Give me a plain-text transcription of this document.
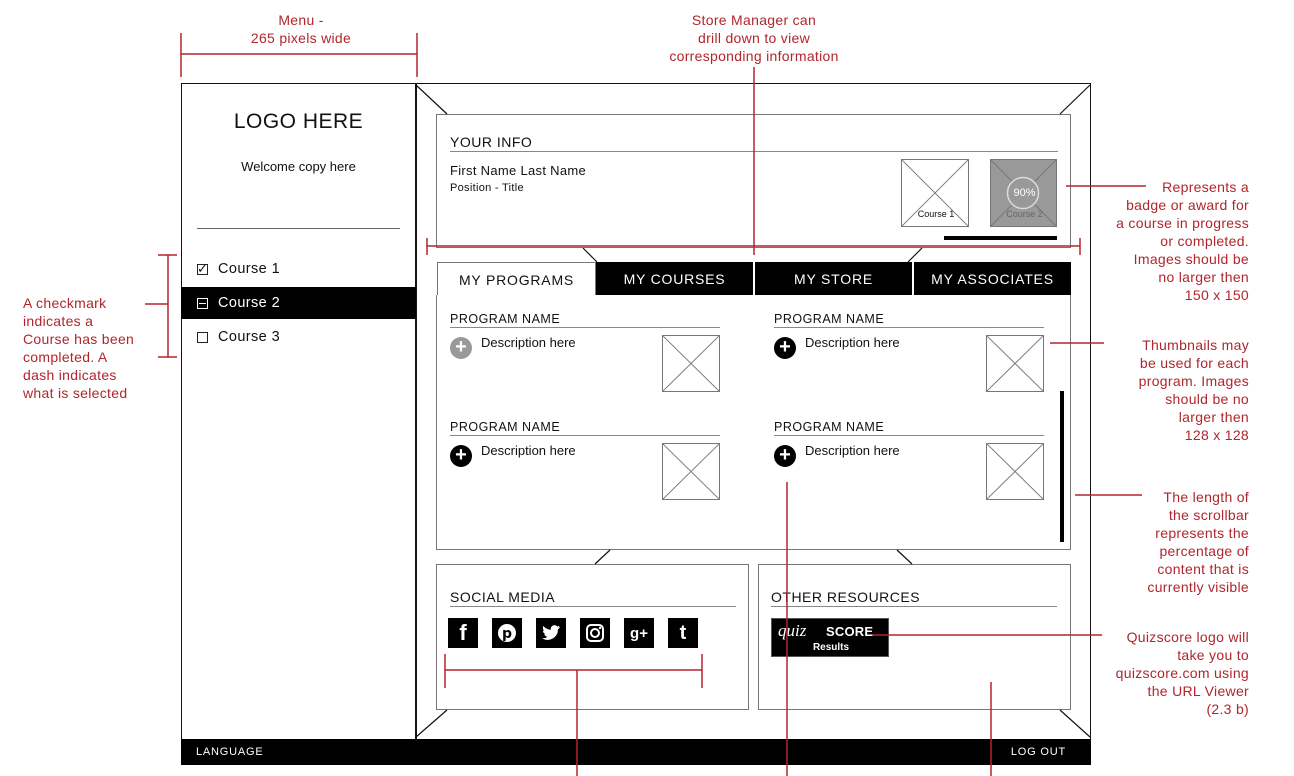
Menu -
265 pixels wide
Store Manager can
drill down to view
corresponding information
A checkmark
indicates a
Course has been
completed. A
dash indicates
what is selected
Represents a
badge or award for
a course in progress
or completed.
Images should be
no larger then
150 x 150
Thumbnails may
be used for each
program. Images
should be no
larger then
128 x 128
The length of
the scrollbar
represents the
percentage of
content that is
currently visible
Quizscore logo will
take you to
quizscore.com using
the URL Viewer
(2.3 b)
LOGO HERE
Welcome copy here
✓ Course 1
Course 2
Course 3
YOUR INFO
First Name Last Name
Position - Title
Course 1
90%
Course 2
MY PROGRAMS	MY COURSES	MY STORE	MY ASSOCIATES
PROGRAM NAME
+	Description here
PROGRAM NAME
+	Description here
PROGRAM NAME
+	Description here
PROGRAM NAME
+	Description here
SOCIAL MEDIA
f	p	g+	t
OTHER RESOURCES
quiz SCORE
Results
LANGUAGE	LOG OUT
